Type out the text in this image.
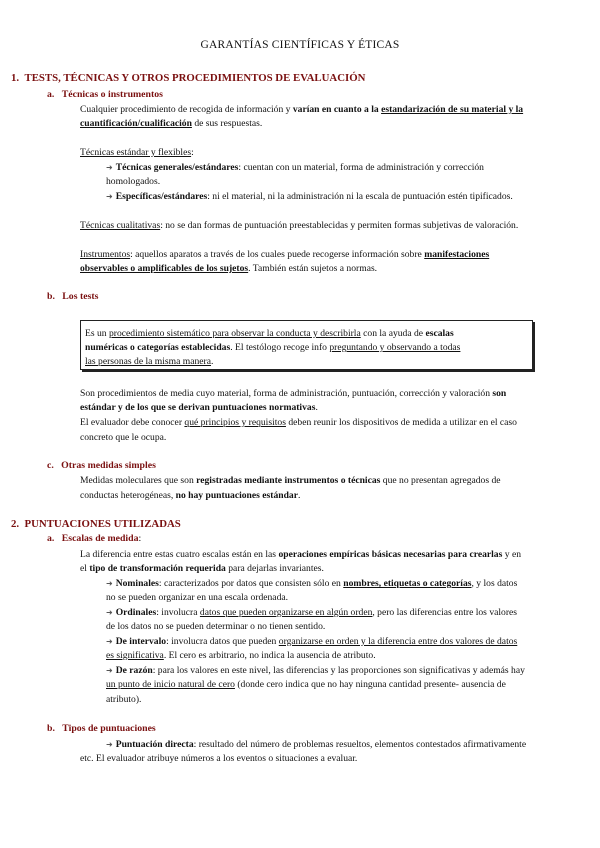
GARANTÍAS CIENTÍFICAS Y ÉTICAS
1. TESTS, TÉCNICAS Y OTROS PROCEDIMIENTOS DE EVALUACIÓN
a. Técnicas o instrumentos
Cualquier procedimiento de recogida de información y varían en cuanto a la estandarización de su material y la
cuantificación/cualificación de sus respuestas.
Técnicas estándar y flexibles:
➜ Técnicas generales/estándares: cuentan con un material, forma de administración y corrección
homologados.
➜ Específicas/estándares: ni el material, ni la administración ni la escala de puntuación estén tipificados.
Técnicas cualitativas: no se dan formas de puntuación preestablecidas y permiten formas subjetivas de valoración.
Instrumentos: aquellos aparatos a través de los cuales puede recogerse información sobre manifestaciones
observables o amplificables de los sujetos. También están sujetos a normas.
b. Los tests
Es un procedimiento sistemático para observar la conducta y describirla con la ayuda de escalas
numéricas o categorías establecidas. El testólogo recoge info preguntando y observando a todas
las personas de la misma manera.
Son procedimientos de media cuyo material, forma de administración, puntuación, corrección y valoración son
estándar y de los que se derivan puntuaciones normativas.
El evaluador debe conocer qué principios y requisitos deben reunir los dispositivos de medida a utilizar en el caso
concreto que le ocupa.
c. Otras medidas simples
Medidas moleculares que son registradas mediante instrumentos o técnicas que no presentan agregados de
conductas heterogéneas, no hay puntuaciones estándar.
2. PUNTUACIONES UTILIZADAS
a. Escalas de medida:
La diferencia entre estas cuatro escalas están en las operaciones empíricas básicas necesarias para crearlas y en
el tipo de transformación requerida para dejarlas invariantes.
➜ Nominales: caracterizados por datos que consisten sólo en nombres, etiquetas o categorías, y los datos
no se pueden organizar en una escala ordenada.
➜ Ordinales: involucra datos que pueden organizarse en algún orden, pero las diferencias entre los valores
de los datos no se pueden determinar o no tienen sentido.
➜ De intervalo: involucra datos que pueden organizarse en orden y la diferencia entre dos valores de datos
es significativa. El cero es arbitrario, no indica la ausencia de atributo.
➜ De razón: para los valores en este nivel, las diferencias y las proporciones son significativas y además hay
un punto de inicio natural de cero (donde cero indica que no hay ninguna cantidad presente- ausencia de
atributo).
b. Tipos de puntuaciones
➜ Puntuación directa: resultado del número de problemas resueltos, elementos contestados afirmativamente
etc. El evaluador atribuye números a los eventos o situaciones a evaluar.
